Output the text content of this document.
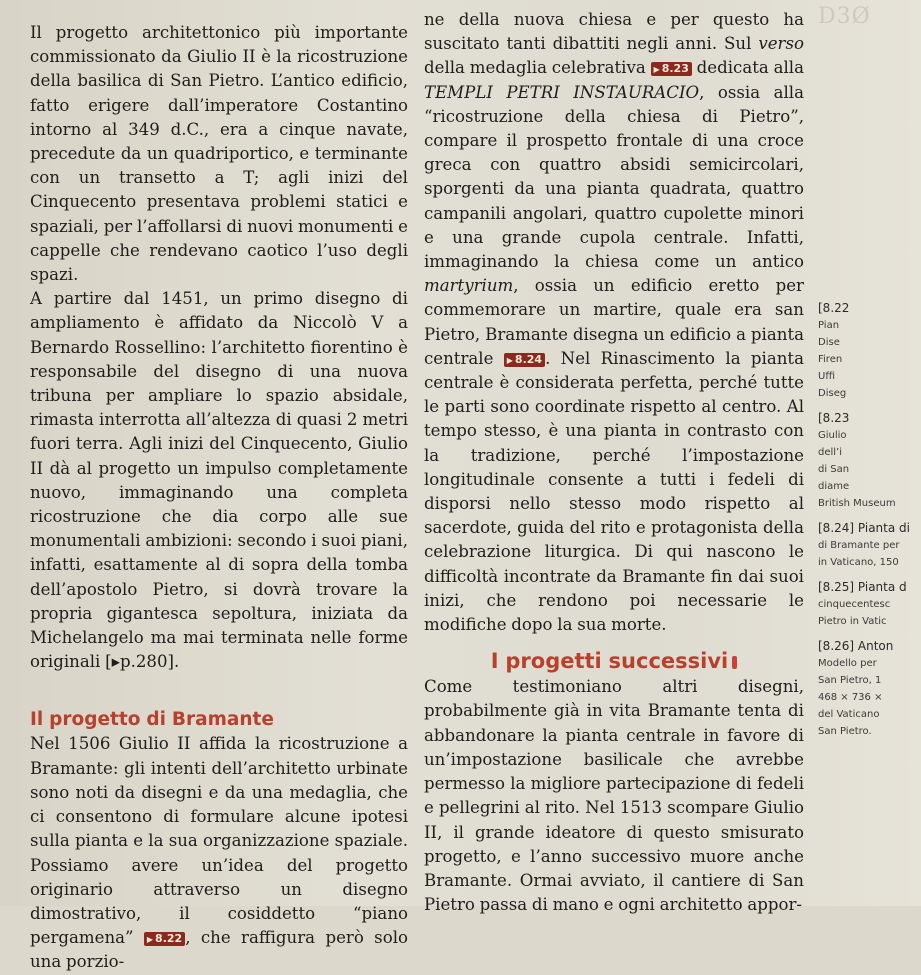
D3Ø

Il progetto architettonico più importante commissionato da Giulio II è la ricostruzione della basilica di San Pietro. L’antico edificio, fatto erigere dall’imperatore Costantino intorno al 349 d.C., era a cinque navate, precedute da un quadriportico, e terminante con un transetto a T; agli inizi del Cinquecento presentava problemi statici e spaziali, per l’affollarsi di nuovi monumenti e cappelle che rendevano caotico l’uso degli spazi.

A partire dal 1451, un primo disegno di ampliamento è affidato da Niccolò V a Bernardo Rossellino: l’architetto fiorentino è responsabile del disegno di una nuova tribuna per ampliare lo spazio absidale, rimasta interrotta all’altezza di quasi 2 metri fuori terra. Agli inizi del Cinquecento, Giulio II dà al progetto un impulso completamente nuovo, immaginando una completa ricostruzione che dia corpo alle sue monumentali ambizioni: secondo i suoi piani, infatti, esattamente al di sopra della tomba dell’apostolo Pietro, si dovrà trovare la propria gigantesca sepoltura, iniziata da Michelangelo ma mai terminata nelle forme originali [▸p.280].

Il progetto di Bramante

Nel 1506 Giulio II affida la ricostruzione a Bramante: gli intenti dell’architetto urbinate sono noti da disegni e da una medaglia, che ci consentono di formulare alcune ipotesi sulla pianta e la sua organizzazione spaziale. Possiamo avere un’idea del progetto originario attraverso un disegno dimostrativo, il cosiddetto “piano pergamena” ▶ 8.22 , che raffigura però solo una porzio-

ne della nuova chiesa e per questo ha suscitato tanti dibattiti negli anni. Sul verso della medaglia celebrativa ▶ 8.23 dedicata alla TEMPLI PETRI INSTAURACIO, ossia alla “ricostruzione della chiesa di Pietro”, compare il prospetto frontale di una croce greca con quattro absidi semicircolari, sporgenti da una pianta quadrata, quattro campanili angolari, quattro cupolette minori e una grande cupola centrale. Infatti, immaginando la chiesa come un antico martyrium, ossia un edificio eretto per commemorare un martire, quale era san Pietro, Bramante disegna un edificio a pianta centrale ▶ 8.24 . Nel Rinascimento la pianta centrale è considerata perfetta, perché tutte le parti sono coordinate rispetto al centro. Al tempo stesso, è una pianta in contrasto con la tradizione, perché l’impostazione longitudinale consente a tutti i fedeli di disporsi nello stesso modo rispetto al sacerdote, guida del rito e protagonista della celebrazione liturgica. Di qui nascono le difficoltà incontrate da Bramante fin dai suoi inizi, che rendono poi necessarie le modifiche dopo la sua morte.

I progetti successivi

Come testimoniano altri disegni, probabilmente già in vita Bramante tenta di abbandonare la pianta centrale in favore di un’impostazione basilicale che avrebbe permesso la migliore partecipazione di fedeli e pellegrini al rito. Nel 1513 scompare Giulio II, il grande ideatore di questo smisurato progetto, e l’anno successivo muore anche Bramante. Ormai avviato, il cantiere di San Pietro passa di mano e ogni architetto appor-

[8.22
Pian
Dise
Firen
Uffi
Diseg
[8.23
Giulio
dell’i
di San
diame
British Museum
[8.24] Pianta di
di Bramante per
in Vaticano, 150
[8.25] Pianta d
cinquecentesc
Pietro in Vatic
[8.26] Anton
Modello per
San Pietro, 1
468 × 736 ×
del Vaticano
San Pietro.
